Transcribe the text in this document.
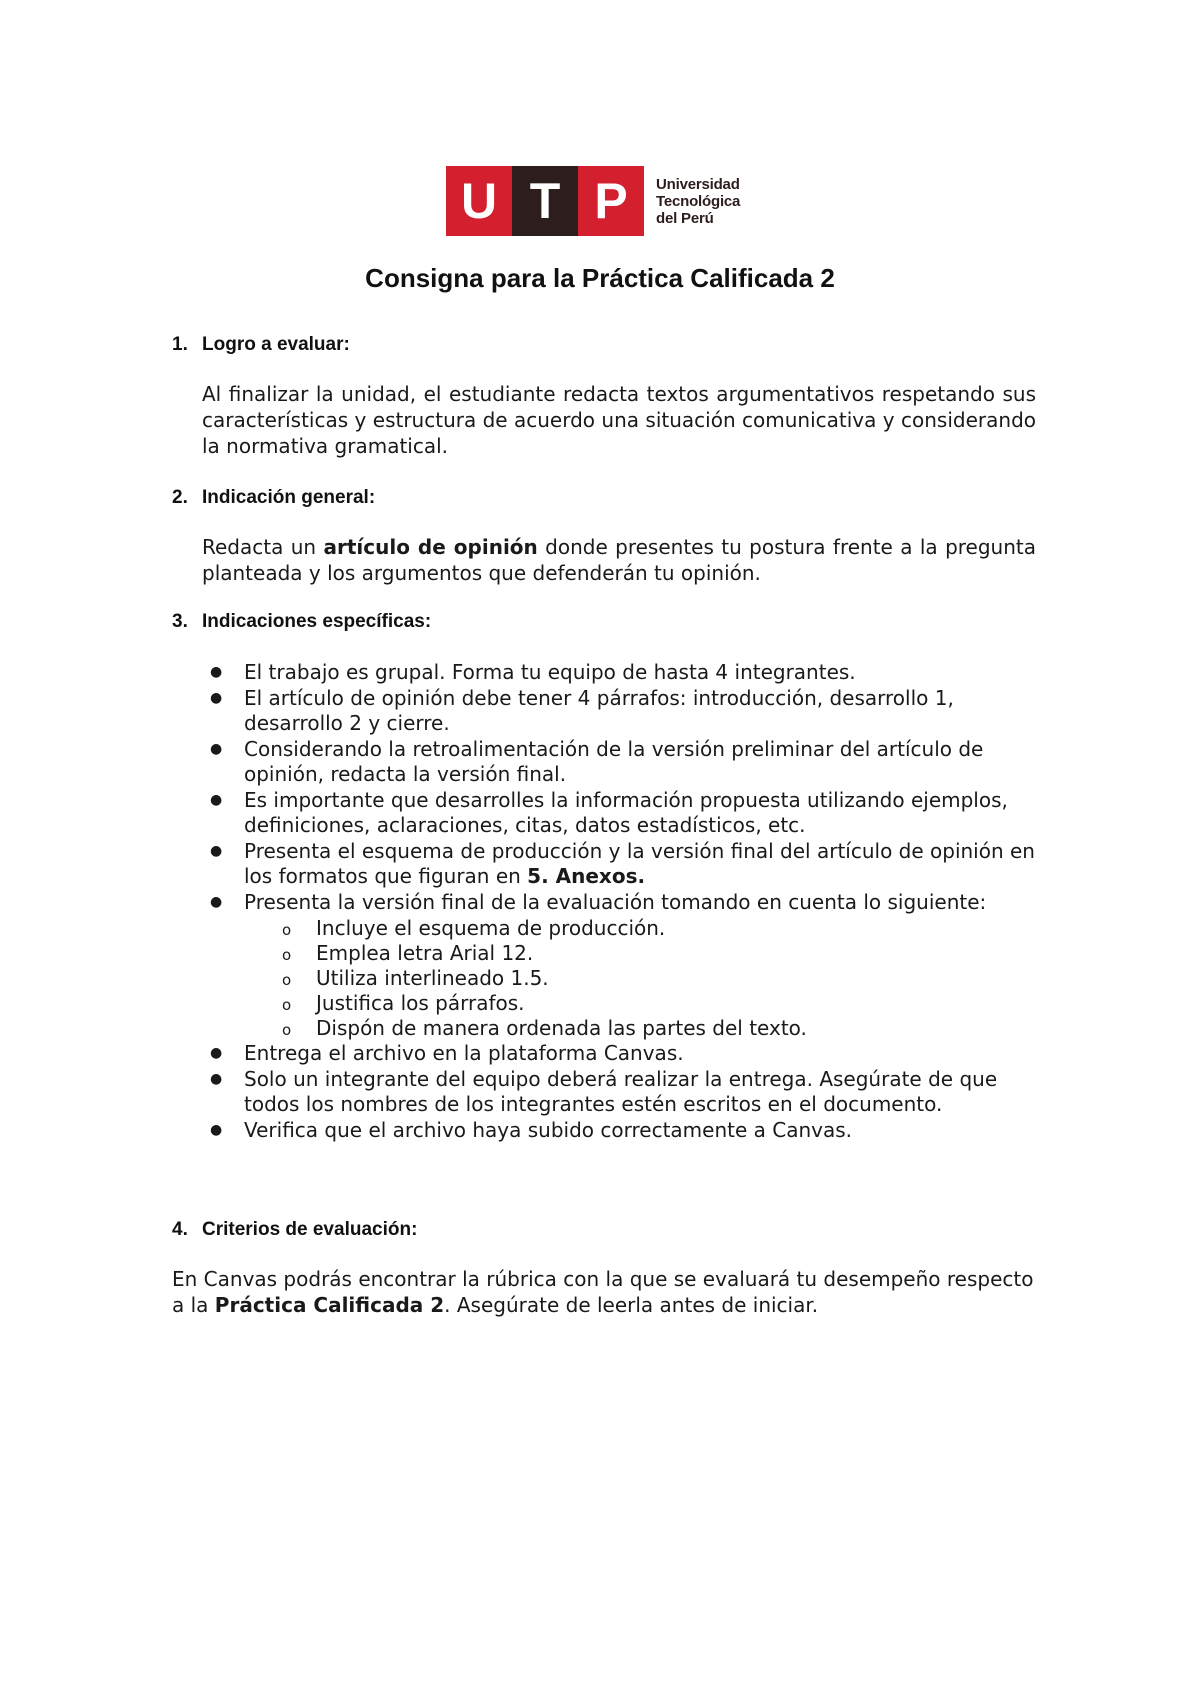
U T P	Universidad
Tecnológica
del Perú
Consigna para la Práctica Calificada 2
1. Logro a evaluar:
Al finalizar la unidad, el estudiante redacta textos argumentativos respetando sus características y estructura de acuerdo una situación comunicativa y considerando la normativa gramatical.
2. Indicación general:
Redacta un artículo de opinión donde presentes tu postura frente a la pregunta planteada y los argumentos que defenderán tu opinión.
3. Indicaciones específicas:
● El trabajo es grupal. Forma tu equipo de hasta 4 integrantes.
● El artículo de opinión debe tener 4 párrafos: introducción, desarrollo 1, desarrollo 2 y cierre.
● Considerando la retroalimentación de la versión preliminar del artículo de opinión, redacta la versión final.
● Es importante que desarrolles la información propuesta utilizando ejemplos, definiciones, aclaraciones, citas, datos estadísticos, etc.
● Presenta el esquema de producción y la versión final del artículo de opinión en los formatos que figuran en 5. Anexos.
● Presenta la versión final de la evaluación tomando en cuenta lo siguiente:
o Incluye el esquema de producción.
o Emplea letra Arial 12.
o Utiliza interlineado 1.5.
o Justifica los párrafos.
o Dispón de manera ordenada las partes del texto.
● Entrega el archivo en la plataforma Canvas.
● Solo un integrante del equipo deberá realizar la entrega. Asegúrate de que todos los nombres de los integrantes estén escritos en el documento.
● Verifica que el archivo haya subido correctamente a Canvas.
4. Criterios de evaluación:
En Canvas podrás encontrar la rúbrica con la que se evaluará tu desempeño respecto a la Práctica Calificada 2. Asegúrate de leerla antes de iniciar.
